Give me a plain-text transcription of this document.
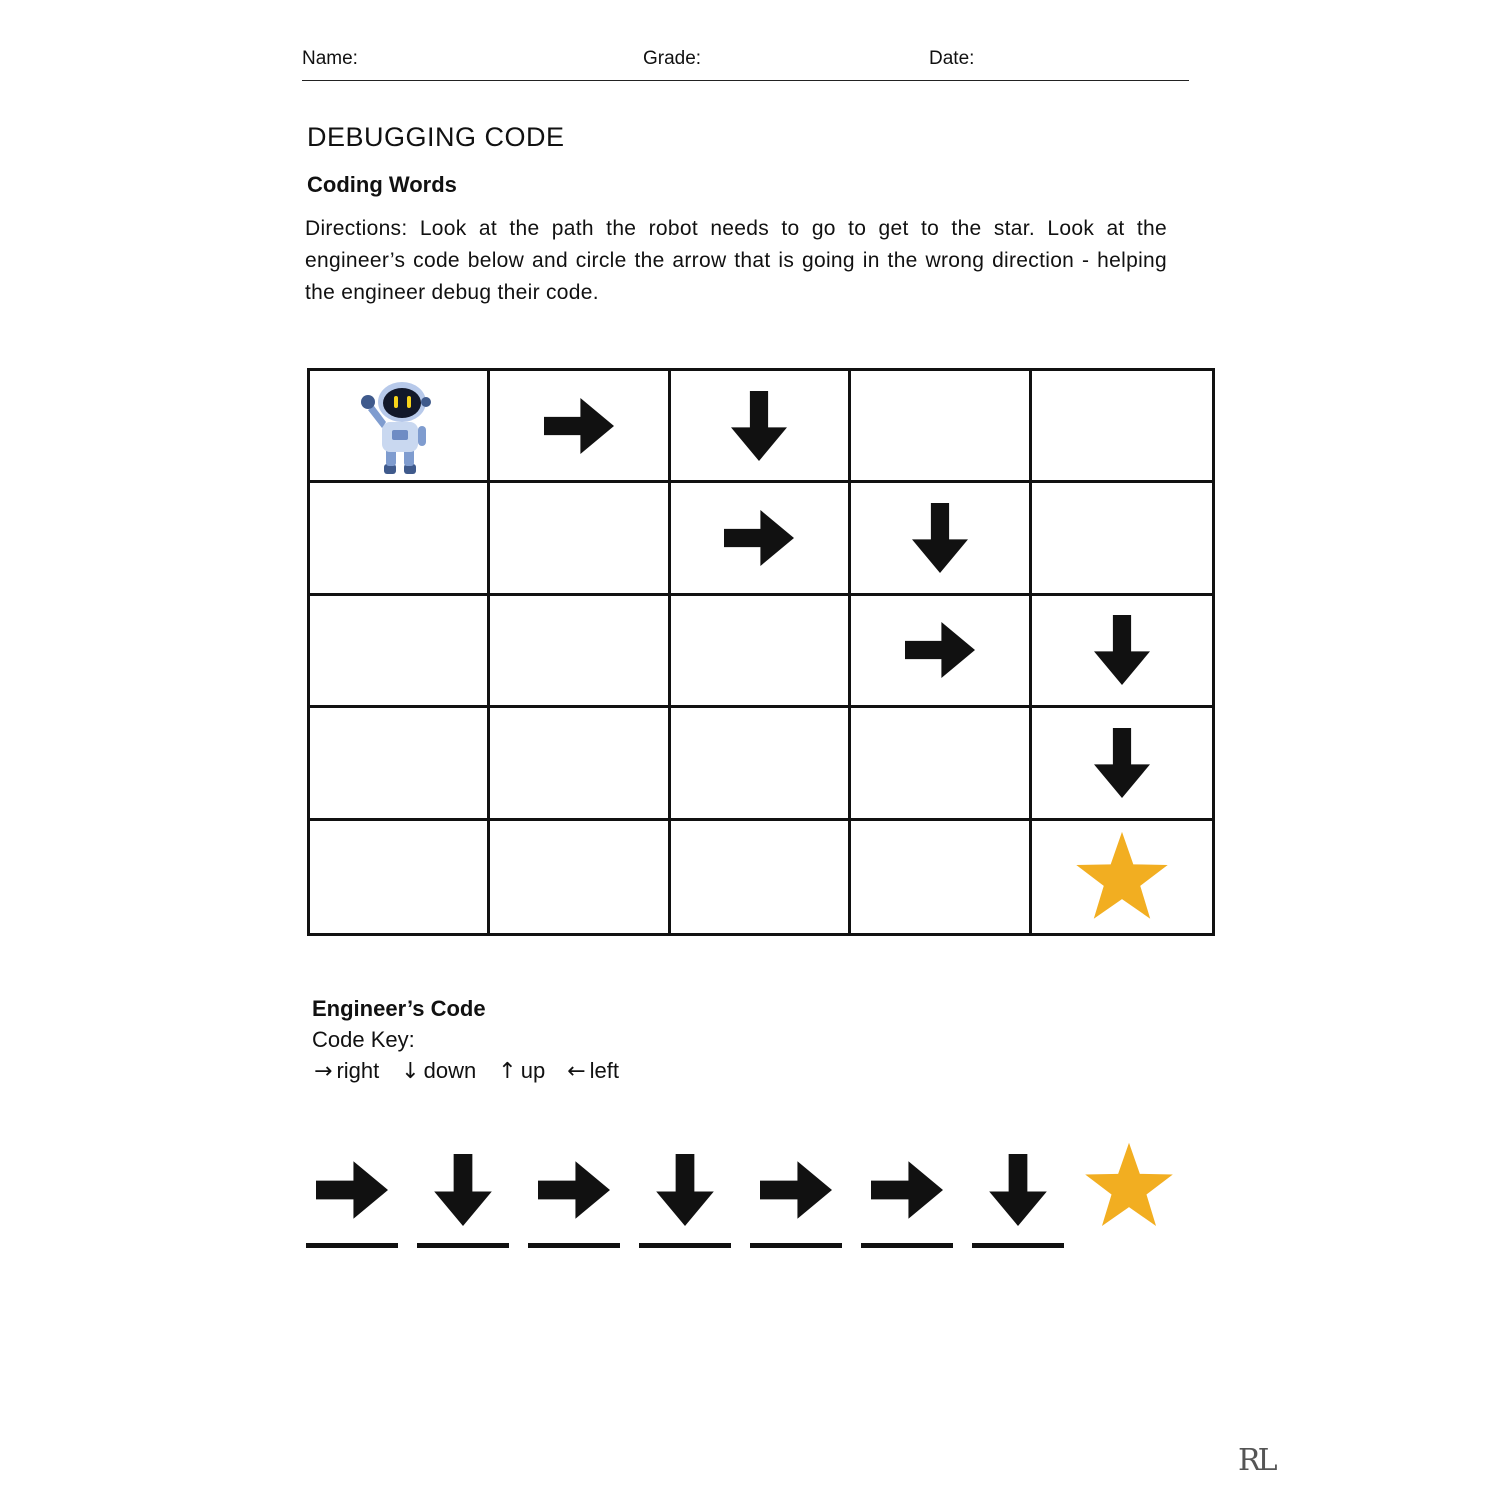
Name:	Grade:	Date:
DEBUGGING CODE
Coding Words
Directions: Look at the path the robot needs to go to get to the star. Look at the engineer’s code below and circle the arrow that is going in the wrong direction - helping the engineer debug their code.
Engineer’s Code
Code Key:
→ right ↓ down ↑ up ← left
RL
